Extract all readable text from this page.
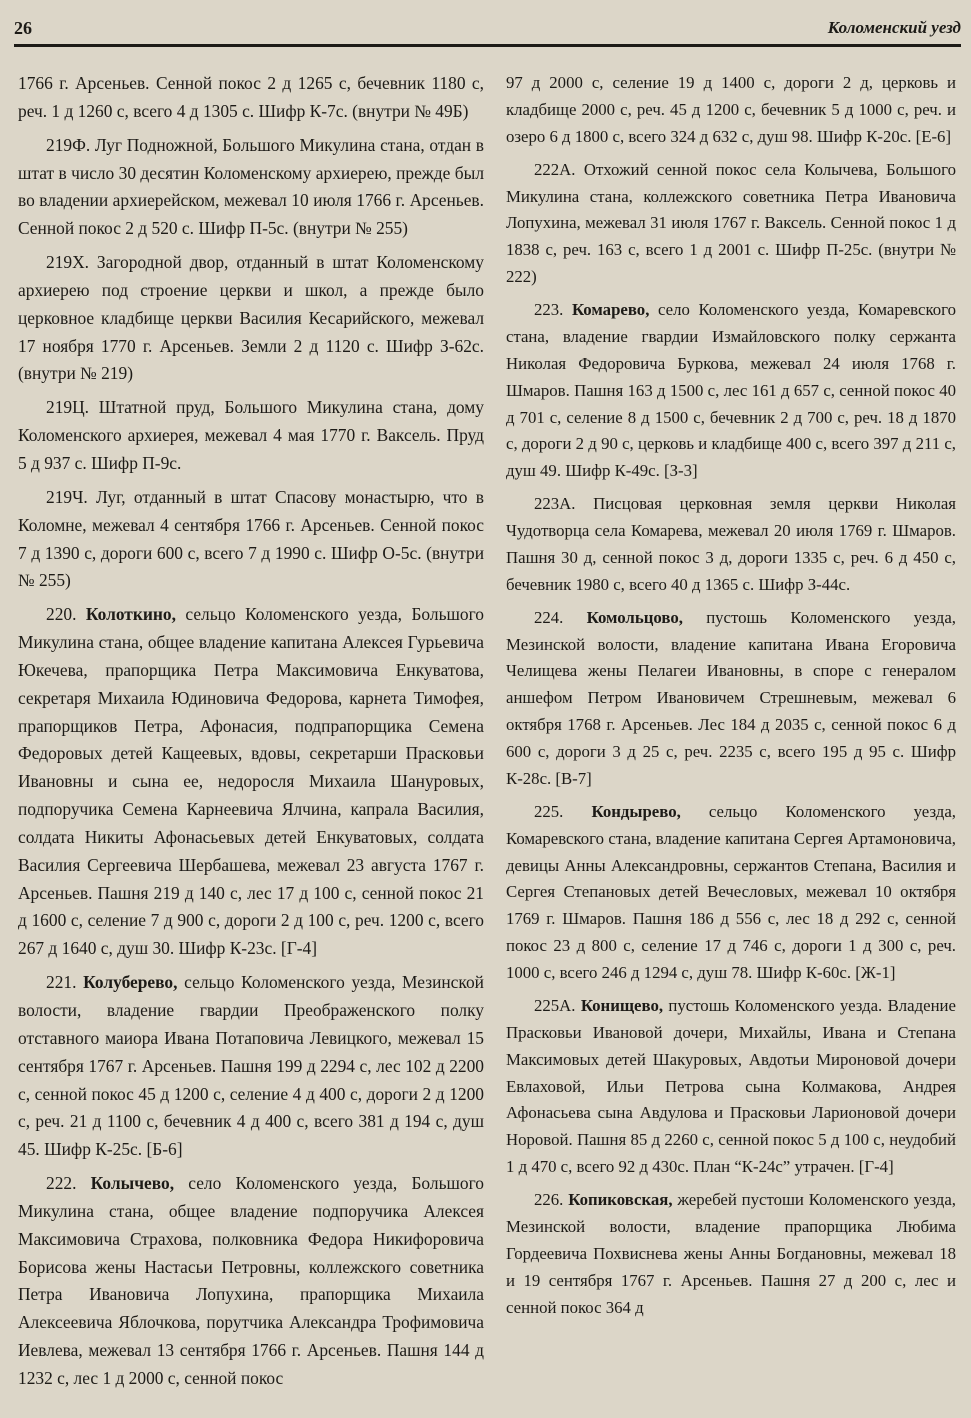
26	Коломенский уезд

1766 г. Арсеньев. Сенной покос 2 д 1265 с, бечевник 1180 с, реч. 1 д 1260 с, всего 4 д 1305 с. Шифр К-7с. (внутри № 49Б)

219Ф. Луг Подножной, Большого Микулина стана, отдан в штат в число 30 десятин Коломенскому архиерею, прежде был во владении архиерейском, межевал 10 июля 1766 г. Арсеньев. Сенной покос 2 д 520 с. Шифр П-5с. (внутри № 255)

219Х. Загородной двор, отданный в штат Коломенскому архиерею под строение церкви и школ, а прежде было церковное кладбище церкви Василия Кесарийского, межевал 17 ноября 1770 г. Арсеньев. Земли 2 д 1120 с. Шифр З-62с. (внутри № 219)

219Ц. Штатной пруд, Большого Микулина стана, дому Коломенского архиерея, межевал 4 мая 1770 г. Ваксель. Пруд 5 д 937 с. Шифр П-9с.

219Ч. Луг, отданный в штат Спасову монастырю, что в Коломне, межевал 4 сентября 1766 г. Арсеньев. Сенной покос 7 д 1390 с, дороги 600 с, всего 7 д 1990 с. Шифр О-5с. (внутри № 255)

220. Колоткино, сельцо Коломенского уезда, Большого Микулина стана, общее владение капитана Алексея Гурьевича Юкечева, прапорщика Петра Максимовича Енкуватова, секретаря Михаила Юдиновича Федорова, карнета Тимофея, прапорщиков Петра, Афонасия, подпрапорщика Семена Федоровых детей Кащеевых, вдовы, секретарши Прасковьи Ивановны и сына ее, недоросля Михаила Шануровых, подпоручика Семена Карнеевича Ялчина, капрала Василия, солдата Никиты Афонасьевых детей Енкуватовых, солдата Василия Сергеевича Шербашева, межевал 23 августа 1767 г. Арсеньев. Пашня 219 д 140 с, лес 17 д 100 с, сенной покос 21 д 1600 с, селение 7 д 900 с, дороги 2 д 100 с, реч. 1200 с, всего 267 д 1640 с, душ 30. Шифр К-23с. [Г-4]

221. Колуберево, сельцо Коломенского уезда, Мезинской волости, владение гвардии Преображенского полку отставного маиора Ивана Потаповича Левицкого, межевал 15 сентября 1767 г. Арсеньев. Пашня 199 д 2294 с, лес 102 д 2200 с, сенной покос 45 д 1200 с, селение 4 д 400 с, дороги 2 д 1200 с, реч. 21 д 1100 с, бечевник 4 д 400 с, всего 381 д 194 с, душ 45. Шифр К-25с. [Б-6]

222. Колычево, село Коломенского уезда, Большого Микулина стана, общее владение подпоручика Алексея Максимовича Страхова, полковника Федора Никифоровича Борисова жены Настасьи Петровны, коллежского советника Петра Ивановича Лопухина, прапорщика Михаила Алексеевича Яблочкова, порутчика Александра Трофимовича Иевлева, межевал 13 сентября 1766 г. Арсеньев. Пашня 144 д 1232 с, лес 1 д 2000 с, сенной покос

97 д 2000 с, селение 19 д 1400 с, дороги 2 д, церковь и кладбище 2000 с, реч. 45 д 1200 с, бечевник 5 д 1000 с, реч. и озеро 6 д 1800 с, всего 324 д 632 с, душ 98. Шифр К-20с. [Е-6]

222А. Отхожий сенной покос села Колычева, Большого Микулина стана, коллежского советника Петра Ивановича Лопухина, межевал 31 июля 1767 г. Ваксель. Сенной покос 1 д 1838 с, реч. 163 с, всего 1 д 2001 с. Шифр П-25с. (внутри № 222)

223. Комарево, село Коломенского уезда, Комаревского стана, владение гвардии Измайловского полку сержанта Николая Федоровича Буркова, межевал 24 июля 1768 г. Шмаров. Пашня 163 д 1500 с, лес 161 д 657 с, сенной покос 40 д 701 с, селение 8 д 1500 с, бечевник 2 д 700 с, реч. 18 д 1870 с, дороги 2 д 90 с, церковь и кладбище 400 с, всего 397 д 211 с, душ 49. Шифр К-49с. [З-3]

223А. Писцовая церковная земля церкви Николая Чудотворца села Комарева, межевал 20 июля 1769 г. Шмаров. Пашня 30 д, сенной покос 3 д, дороги 1335 с, реч. 6 д 450 с, бечевник 1980 с, всего 40 д 1365 с. Шифр З-44с.

224. Комольцово, пустошь Коломенского уезда, Мезинской волости, владение капитана Ивана Егоровича Челищева жены Пелагеи Ивановны, в споре с генералом аншефом Петром Ивановичем Стрешневым, межевал 6 октября 1768 г. Арсеньев. Лес 184 д 2035 с, сенной покос 6 д 600 с, дороги 3 д 25 с, реч. 2235 с, всего 195 д 95 с. Шифр К-28с. [В-7]

225. Кондырево, сельцо Коломенского уезда, Комаревского стана, владение капитана Сергея Артамоновича, девицы Анны Александровны, сержантов Степана, Василия и Сергея Степановых детей Вечесловых, межевал 10 октября 1769 г. Шмаров. Пашня 186 д 556 с, лес 18 д 292 с, сенной покос 23 д 800 с, селение 17 д 746 с, дороги 1 д 300 с, реч. 1000 с, всего 246 д 1294 с, душ 78. Шифр К-60с. [Ж-1]

225А. Конищево, пустошь Коломенского уезда. Владение Прасковьи Ивановой дочери, Михайлы, Ивана и Степана Максимовых детей Шакуровых, Авдотьи Мироновой дочери Евлаховой, Ильи Петрова сына Колмакова, Андрея Афонасьева сына Авдулова и Прасковьи Ларионовой дочери Норовой. Пашня 85 д 2260 с, сенной покос 5 д 100 с, неудобий 1 д 470 с, всего 92 д 430с. План “К-24с” утрачен. [Г-4]

226. Копиковская, жеребей пустоши Коломенского уезда, Мезинской волости, владение прапорщика Любима Гордеевича Похвиснева жены Анны Богдановны, межевал 18 и 19 сентября 1767 г. Арсеньев. Пашня 27 д 200 с, лес и сенной покос 364 д
